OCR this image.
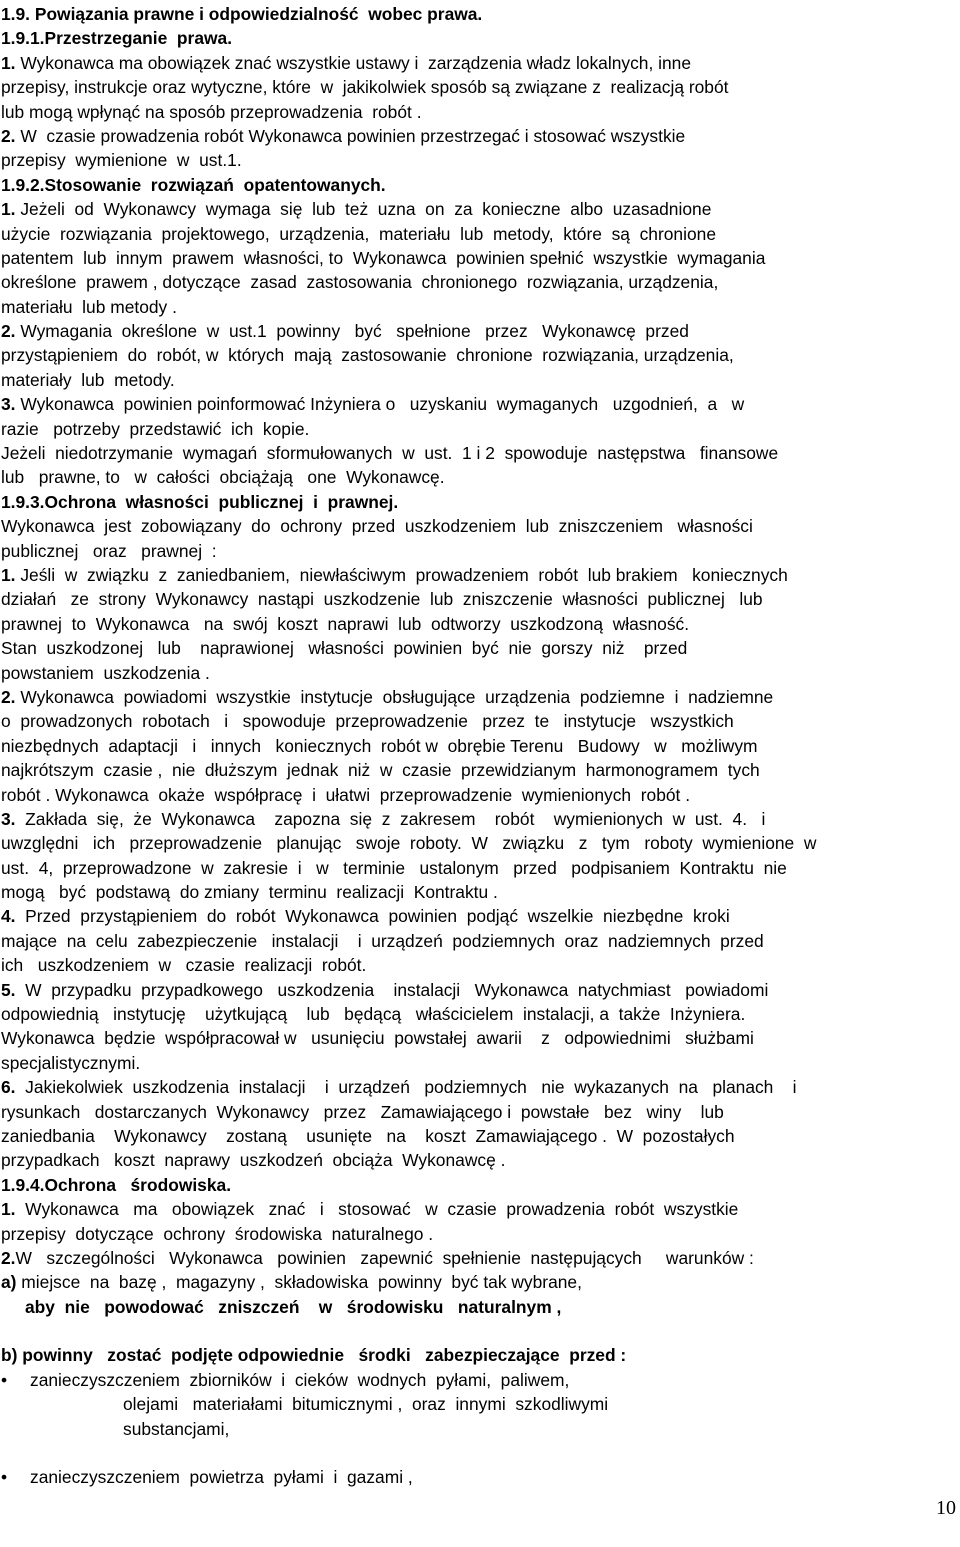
1.9. Powiązania prawne i odpowiedzialność  wobec prawa.
1.9.1.Przestrzeganie  prawa.
1. Wykonawca ma obowiązek znać wszystkie ustawy i  zarządzenia władz lokalnych, inne
przepisy, instrukcje oraz wytyczne, które  w  jakikolwiek sposób są związane z  realizacją robót
lub mogą wpłynąć na sposób przeprowadzenia  robót .
2. W  czasie prowadzenia robót Wykonawca powinien przestrzegać i stosować wszystkie
przepisy  wymienione  w  ust.1.
1.9.2.Stosowanie  rozwiązań  opatentowanych.
1. Jeżeli  od  Wykonawcy  wymaga  się  lub  też  uzna  on  za  konieczne  albo  uzasadnione
użycie  rozwiązania  projektowego,  urządzenia,  materiału  lub  metody,  które  są  chronione
patentem  lub  innym  prawem  własności, to  Wykonawca  powinien spełnić  wszystkie  wymagania
określone  prawem , dotyczące  zasad  zastosowania  chronionego  rozwiązania, urządzenia,
materiału  lub metody .
2. Wymagania  określone  w  ust.1  powinny   być   spełnione   przez   Wykonawcę  przed
przystąpieniem  do  robót, w  których  mają  zastosowanie  chronione  rozwiązania, urządzenia,
materiały  lub  metody.
3. Wykonawca  powinien poinformować Inżyniera o   uzyskaniu  wymaganych   uzgodnień,  a   w
razie   potrzeby  przedstawić  ich  kopie.
Jeżeli  niedotrzymanie  wymagań  sformułowanych  w  ust.  1 i 2  spowoduje  następstwa   finansowe
lub   prawne, to   w  całości  obciążają   one  Wykonawcę.
1.9.3.Ochrona  własności  publicznej  i  prawnej.
Wykonawca  jest  zobowiązany  do  ochrony  przed  uszkodzeniem  lub  zniszczeniem   własności
publicznej   oraz   prawnej  :
1. Jeśli  w  związku  z  zaniedbaniem,  niewłaściwym  prowadzeniem  robót  lub brakiem   koniecznych
działań   ze  strony  Wykonawcy  nastąpi  uszkodzenie  lub  zniszczenie  własności  publicznej   lub
prawnej  to  Wykonawca   na  swój  koszt  naprawi  lub  odtworzy  uszkodzoną  własność.
Stan  uszkodzonej   lub    naprawionej   własności  powinien  być  nie  gorszy  niż    przed
powstaniem  uszkodzenia .
2. Wykonawca  powiadomi  wszystkie  instytucje  obsługujące  urządzenia  podziemne  i  nadziemne
o  prowadzonych  robotach   i   spowoduje  przeprowadzenie   przez  te   instytucje   wszystkich
niezbędnych  adaptacji   i   innych   koniecznych  robót w  obrębie Terenu   Budowy   w   możliwym
najkrótszym  czasie ,  nie  dłuższym  jednak  niż  w  czasie  przewidzianym  harmonogramem  tych
robót . Wykonawca  okaże  współpracę  i  ułatwi  przeprowadzenie  wymienionych  robót .
3.  Zakłada  się,  że  Wykonawca    zapozna  się  z  zakresem    robót    wymienionych  w  ust.  4.   i
uwzględni   ich   przeprowadzenie   planując   swoje  roboty.  W   związku   z   tym   roboty  wymienione  w
ust.  4,  przeprowadzone  w  zakresie  i   w   terminie   ustalonym   przed   podpisaniem  Kontraktu  nie
mogą   być  podstawą  do zmiany  terminu  realizacji  Kontraktu .
4.  Przed  przystąpieniem  do  robót  Wykonawca  powinien  podjąć  wszelkie  niezbędne  kroki
mające  na  celu  zabezpieczenie   instalacji    i  urządzeń  podziemnych  oraz  nadziemnych  przed
ich   uszkodzeniem  w   czasie  realizacji  robót.
5.  W  przypadku  przypadkowego   uszkodzenia    instalacji   Wykonawca  natychmiast   powiadomi
odpowiednią   instytucję    użytkującą    lub   będącą   właścicielem  instalacji, a  także  Inżyniera.
Wykonawca  będzie  współpracował w   usunięciu  powstałej  awarii    z   odpowiednimi   służbami
specjalistycznymi.
6.  Jakiekolwiek  uszkodzenia  instalacji    i  urządzeń   podziemnych   nie  wykazanych  na   planach    i
rysunkach   dostarczanych  Wykonawcy   przez   Zamawiającego i  powstałe   bez   winy    lub
zaniedbania    Wykonawcy    zostaną    usunięte   na    koszt  Zamawiającego .  W  pozostałych
przypadkach   koszt  naprawy  uszkodzeń  obciąża  Wykonawcę .
1.9.4.Ochrona   środowiska.
1.  Wykonawca   ma   obowiązek   znać   i   stosować   w  czasie  prowadzenia  robót  wszystkie
przepisy  dotyczące  ochrony  środowiska  naturalnego .
2.W   szczególności   Wykonawca   powinien   zapewnić  spełnienie  następujących     warunków :
a) miejsce  na  bazę ,  magazyny ,  składowiska  powinny  być tak wybrane,
aby  nie   powodować   zniszczeń    w   środowisku   naturalnym ,
b) powinny   zostać  podjęte odpowiednie   środki   zabezpieczające  przed :
• zanieczyszczeniem  zbiorników  i  cieków  wodnych  pyłami,  paliwem,
olejami   materiałami  bitumicznymi ,  oraz  innymi  szkodliwymi
substancjami,
• zanieczyszczeniem  powietrza  pyłami  i  gazami ,
10
